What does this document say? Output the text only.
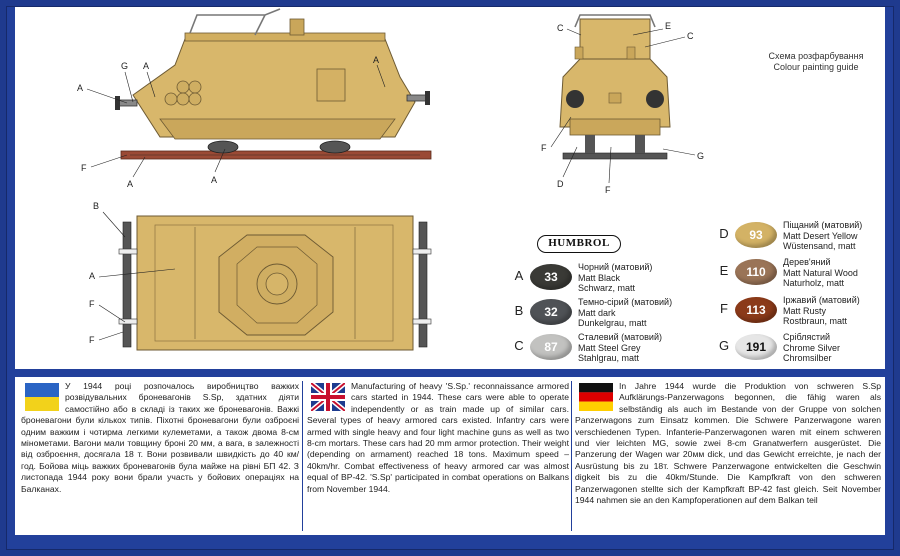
A
G A
A
F
A
A
B
A
F
F
C	E
C
F
D
F
G
Схема розфарбування
Colour painting guide
HUMBROL
A	33
Чорний (матовий)
Matt Black
Schwarz, matt
B	32
Темно-сірий (матовий)
Matt dark
Dunkelgrau, matt
C	87
Сталевий (матовий)
Matt Steel Grey
Stahlgrau, matt
D	93
Піщаний (матовий)
Matt Desert Yellow
Wüstensand, matt
E	110
Дерев'яний
Matt Natural Wood
Naturholz, matt
F	113
Іржавий (матовий)
Matt Rusty
Rostbraun, matt
G	191
Сріблястий
Chrome Silver
Chromsilber

У 1944 році розпочалось виробництво важких розвідувальних броневагонів S.Sp, здатних діяти самостійно або в складі із таких же броневагонів. Важкі броневагони були кількох типів. Піхотні броневагони були озброєні одним важким і чотирма легкими кулеметами, а також двома 8-см мінометами. Вагони мали товщину броні 20 мм, а вага, в залежності від озброєння, досягала 18 т. Вони розвивали швидкість до 40 км/год. Бойова міць важких броневагонів була майже на рівні БП 42. З листопада 1944 року вони брали участь у бойових операціях на Балканах.

Manufacturing of heavy 'S.Sp.' reconnaissance armored cars started in 1944. These cars were able to operate independently or as train made up of similar cars. Several types of heavy armored cars existed. Infantry cars were armed with single heavy and four light machine guns as well as two 8-cm mortars. These cars had 20 mm armor protection. Their weight (depending on armament) reached 18 tons. Maximum speed – 40km/hr. Combat effectiveness of heavy armored car was almost equal of BP-42. 'S.Sp' participated in combat operations on Balkans from November 1944.

In Jahre 1944 wurde die Produktion von schweren S.Sp Aufklärungs-Panzerwagons begonnen, die fähig waren als selbständig als auch im Bestande von der Gruppe von solchen Panzerwagons zum Einsatz kommen. Die Schwere Panzerwagone waren verschiedenen Typen. Infanterie-Panzerwagonen waren mit einem schweren und vier leichten MG, sowie zwei 8-cm Granatwerfern ausgerüstet. Die Panzerung der Wagen war 20мм dick, und das Gewicht erreichte, je nach der Ausrüstung bis zu 18т. Schwere Panzerwagone entwickelten die Geschwin digkeit bis zu die 40km/Stunde. Die Kampfkraft von den schweren Panzerwagonen stellte sich der Kampfkraft BP-42 fast gleich. Seit November 1944 nahmen sie an den Kampfoperationen auf dem Balkan teil
